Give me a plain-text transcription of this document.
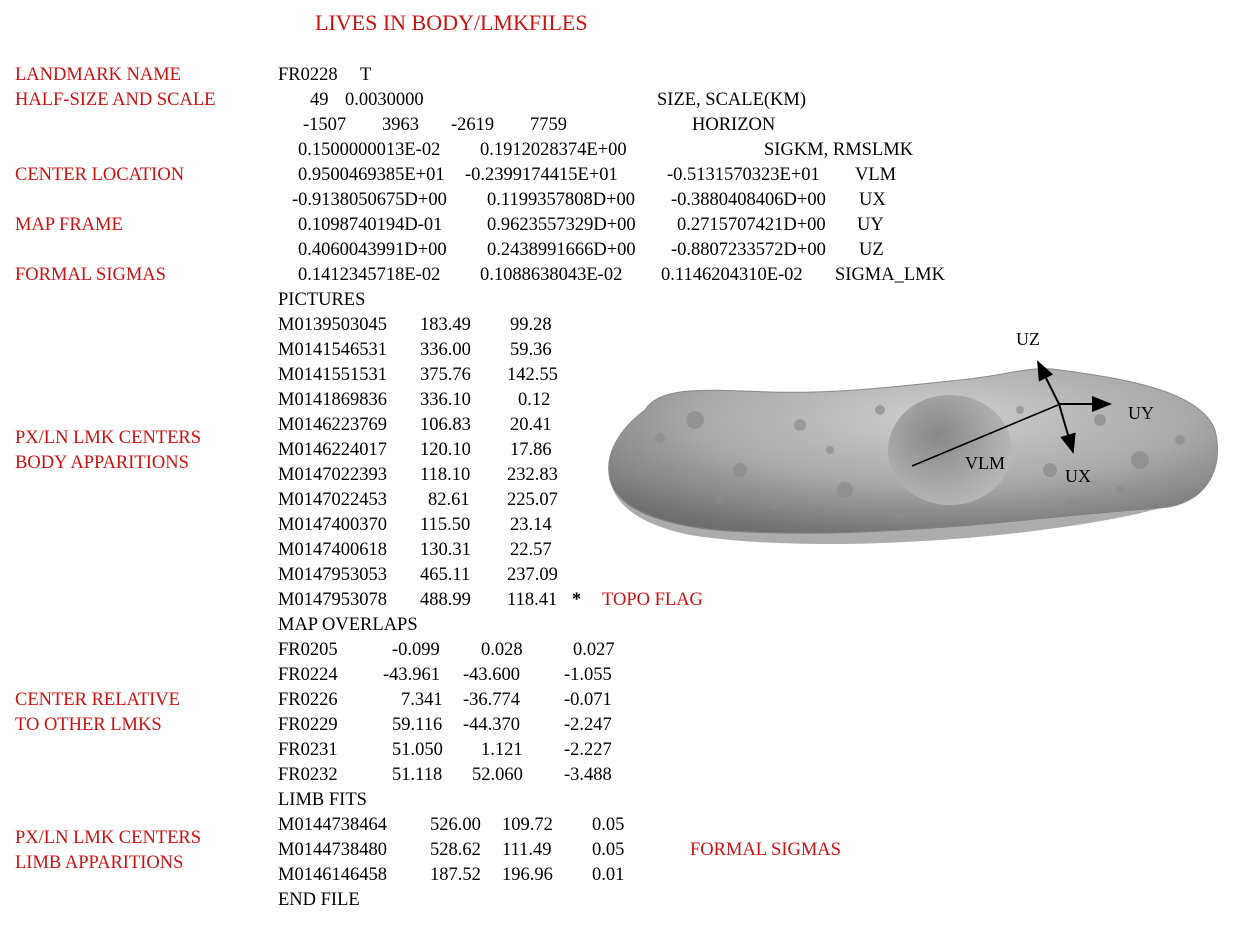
LIVES IN BODY/LMKFILES
LANDMARK NAME
HALF-SIZE AND SCALE
CENTER LOCATION
MAP FRAME
FORMAL SIGMAS
PX/LN LMK CENTERS
BODY APPARITIONS
CENTER RELATIVE
TO OTHER LMKS
PX/LN LMK CENTERS
LIMB APPARITIONS
FR0228 T
49 0.0030000	SIZE, SCALE(KM)
-1507 3963 -2619 7759	HORIZON
0.1500000013E-02 0.1912028374E+00	SIGKM, RMSLMK
0.9500469385E+01 -0.2399174415E+01	-0.5131570323E+01 VLM
-0.9138050675D+00 0.1199357808D+00 -0.3880408406D+00 UX
0.1098740194D-01 0.9623557329D+00 0.2715707421D+00 UY
0.4060043991D+00 0.2438991666D+00 -0.8807233572D+00 UZ
0.1412345718E-02 0.1088638043E-02 0.1146204310E-02 SIGMA_LMK
PICTURES
M0139503045 183.49 99.28
M0141546531 336.00 59.36
M0141551531 375.76 142.55
M0141869836 336.10	0.12
M0146223769 106.83 20.41
M0146224017 120.10 17.86
M0147022393 118.10 232.83
M0147022453 82.61 225.07
M0147400370 115.50 23.14
M0147400618 130.31 22.57
M0147953053 465.11 237.09
M0147953078 488.99 118.41 * TOPO FLAG
MAP OVERLAPS
FR0205	-0.099 0.028	0.027
FR0224 -43.961 -43.600 -1.055
FR0226	7.341 -36.774 -0.071
FR0229	59.116 -44.370 -2.247
FR0231	51.050 1.121 -2.227
FR0232	51.118 52.060 -3.488
LIMB FITS
M0144738464 526.00 109.72 0.05
M0144738480 528.62 111.49 0.05
M0146146458 187.52 196.96 0.01
FORMAL SIGMAS
END FILE
UZ
UY
UX
VLM
